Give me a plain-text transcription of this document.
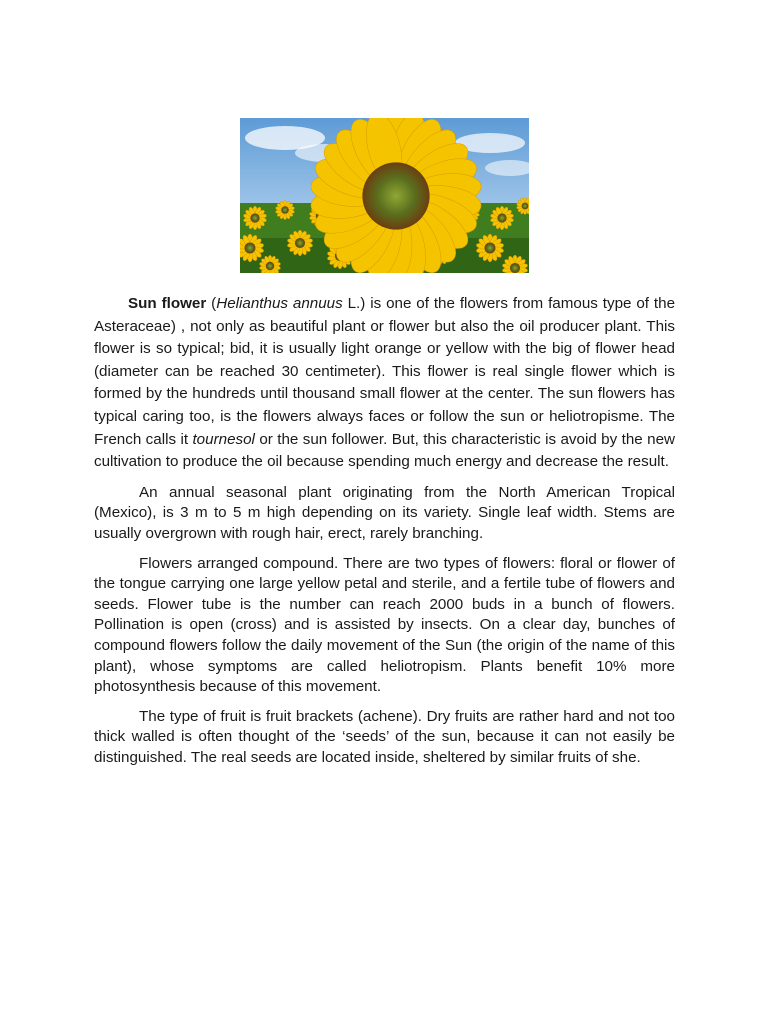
Sun flower (Helianthus annuus L.) is one of the flowers from famous type of the Asteraceae) , not only as beautiful plant or flower but also the oil producer plant. This flower is so typical; bid, it is usually light orange or yellow with the big of flower head (diameter can be reached 30 centimeter). This flower is real single flower which is formed by the hundreds until thousand small flower at the center. The sun flowers has typical caring too, is the flowers always faces or follow the sun or heliotropisme. The French calls it tournesol or the sun follower. But, this characteristic is avoid by the new cultivation to produce the oil because spending much energy and decrease the result.

An annual seasonal plant originating from the North American Tropical (Mexico), is 3 m to 5 m high depending on its variety. Single leaf width. Stems are usually overgrown with rough hair, erect, rarely branching.

Flowers arranged compound. There are two types of flowers: floral or flower of the tongue carrying one large yellow petal and sterile, and a fertile tube of flowers and seeds. Flower tube is the number can reach 2000 buds in a bunch of flowers. Pollination is open (cross) and is assisted by insects. On a clear day, bunches of compound flowers follow the daily movement of the Sun (the origin of the name of this plant), whose symptoms are called heliotropism. Plants benefit 10% more photosynthesis because of this movement.

The type of fruit is fruit brackets (achene). Dry fruits are rather hard and not too thick walled is often thought of the ‘seeds’ of the sun, because it can not easily be distinguished. The real seeds are located inside, sheltered by similar fruits of she.
